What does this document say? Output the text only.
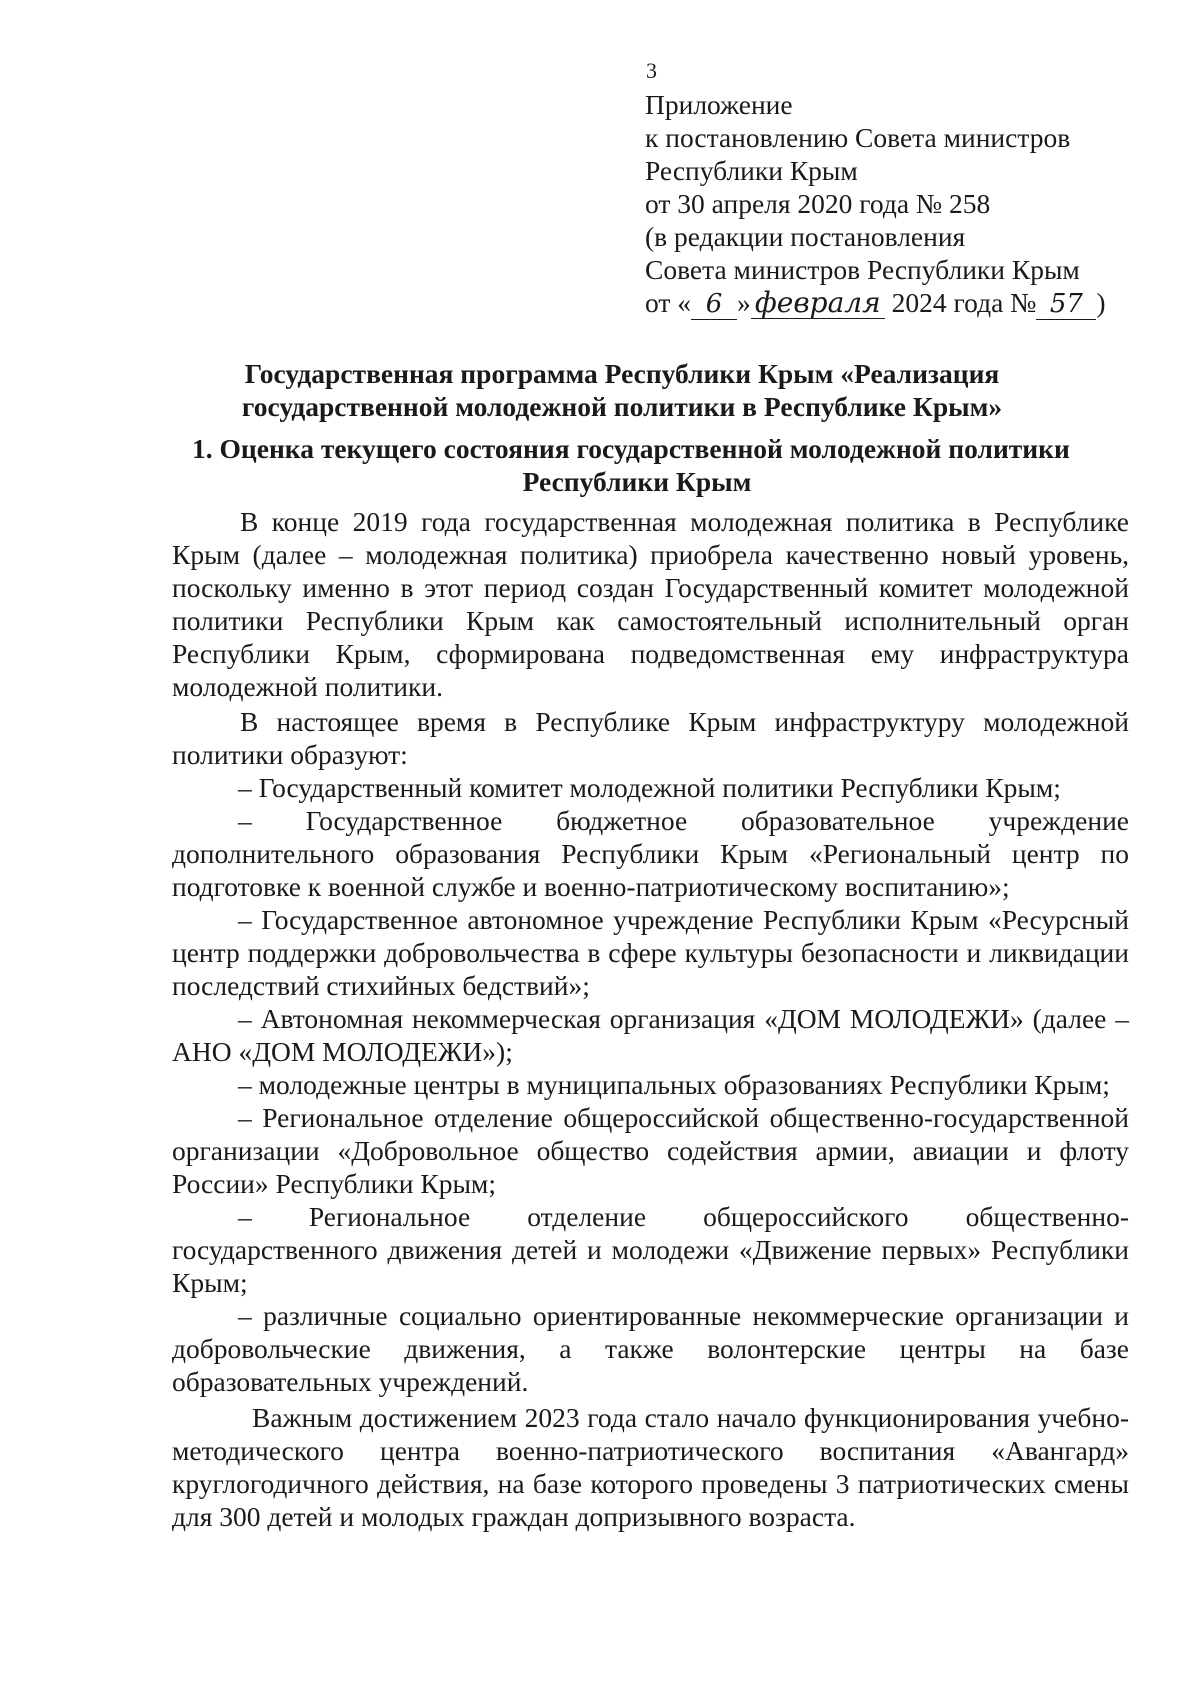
3
Приложение
к постановлению Совета министров
Республики Крым
от 30 апреля 2020 года № 258
(в редакции постановления
Совета министров Республики Крым
от « 6 » февраля 2024 года № 57 )
Государственная программа Республики Крым «Реализация государственной молодежной политики в Республике Крым»
1. Оценка текущего состояния государственной молодежной политики
Республики Крым

В конце 2019 года государственная молодежная политика в Республике Крым (далее – молодежная политика) приобрела качественно новый уровень, поскольку именно в этот период создан Государственный комитет молодежной политики Республики Крым как самостоятельный исполнительный орган Республики Крым, сформирована подведомственная ему инфраструктура молодежной политики.

В настоящее время в Республике Крым инфраструктуру молодежной политики образуют:

– Государственный комитет молодежной политики Республики Крым;

– Государственное бюджетное образовательное учреждение дополнительного образования Республики Крым «Региональный центр по подготовке к военной службе и военно-патриотическому воспитанию»;

– Государственное автономное учреждение Республики Крым «Ресурсный центр поддержки добровольчества в сфере культуры безопасности и ликвидации последствий стихийных бедствий»;

– Автономная некоммерческая организация «ДОМ МОЛОДЕЖИ» (далее – АНО «ДОМ МОЛОДЕЖИ»);

– молодежные центры в муниципальных образованиях Республики Крым;

– Региональное отделение общероссийской общественно-государственной организации «Добровольное общество содействия армии, авиации и флоту России» Республики Крым;

– Региональное отделение общероссийского общественно-государственного движения детей и молодежи «Движение первых» Республики Крым;

– различные социально ориентированные некоммерческие организации и добровольческие движения, а также волонтерские центры на базе образовательных учреждений.

Важным достижением 2023 года стало начало функционирования учебно-методического центра военно-патриотического воспитания «Авангард» круглогодичного действия, на базе которого проведены 3 патриотических смены для 300 детей и молодых граждан допризывного возраста.
